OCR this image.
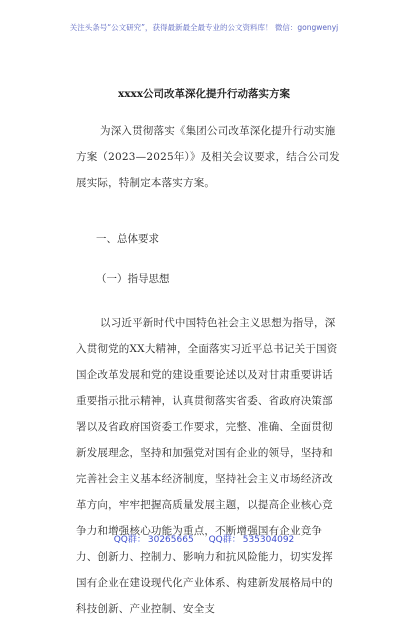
关注头条号“公文研究”，获得最新最全最专业的公文资料库！ 微信：gongwenyj
xxxx公司改革深化提升行动落实方案

为深入贯彻落实《集团公司改革深化提升行动实施方案（2023—2025年）》及相关会议要求，结合公司发展实际，特制定本落实方案。

一、总体要求
（一）指导思想

以习近平新时代中国特色社会主义思想为指导，深入贯彻党的XX大精神，全面落实习近平总书记关于国资国企改革发展和党的建设重要论述以及对甘肃重要讲话重要指示批示精神，认真贯彻落实省委、省政府决策部署以及省政府国资委工作要求，完整、准确、全面贯彻新发展理念，坚持和加强党对国有企业的领导，坚持和完善社会主义基本经济制度，坚持社会主义市场经济改革方向，牢牢把握高质量发展主题，以提高企业核心竞争力和增强核心功能为重点，不断增强国有企业竞争力、创新力、控制力、影响力和抗风险能力，切实发挥国有企业在建设现代化产业体系、构建新发展格局中的科技创新、产业控制、安全支

QQ群： 30265665 QQ群： 535304092
